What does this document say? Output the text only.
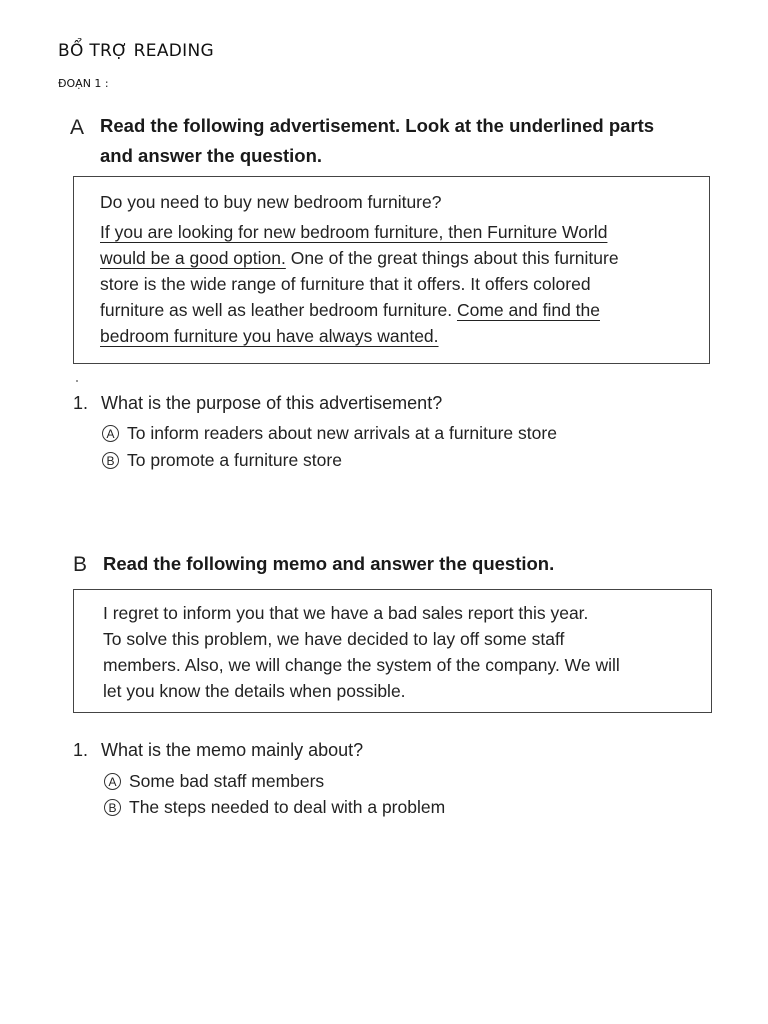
BỔ TRỢ READING
ĐOẠN 1 :
A Read the following advertisement. Look at the underlined parts
and answer the question.

Do you need to buy new bedroom furniture?

If you are looking for new bedroom furniture, then Furniture World

would be a good option. One of the great things about this furniture

store is the wide range of furniture that it offers. It offers colored

furniture as well as leather bedroom furniture. Come and find the

bedroom furniture you have always wanted.

1. What is the purpose of this advertisement?
A To inform readers about new arrivals at a furniture store
B To promote a furniture store
B Read the following memo and answer the question.

I regret to inform you that we have a bad sales report this year.

To solve this problem, we have decided to lay off some staff

members. Also, we will change the system of the company. We will

let you know the details when possible.

1. What is the memo mainly about?
A Some bad staff members
B The steps needed to deal with a problem
